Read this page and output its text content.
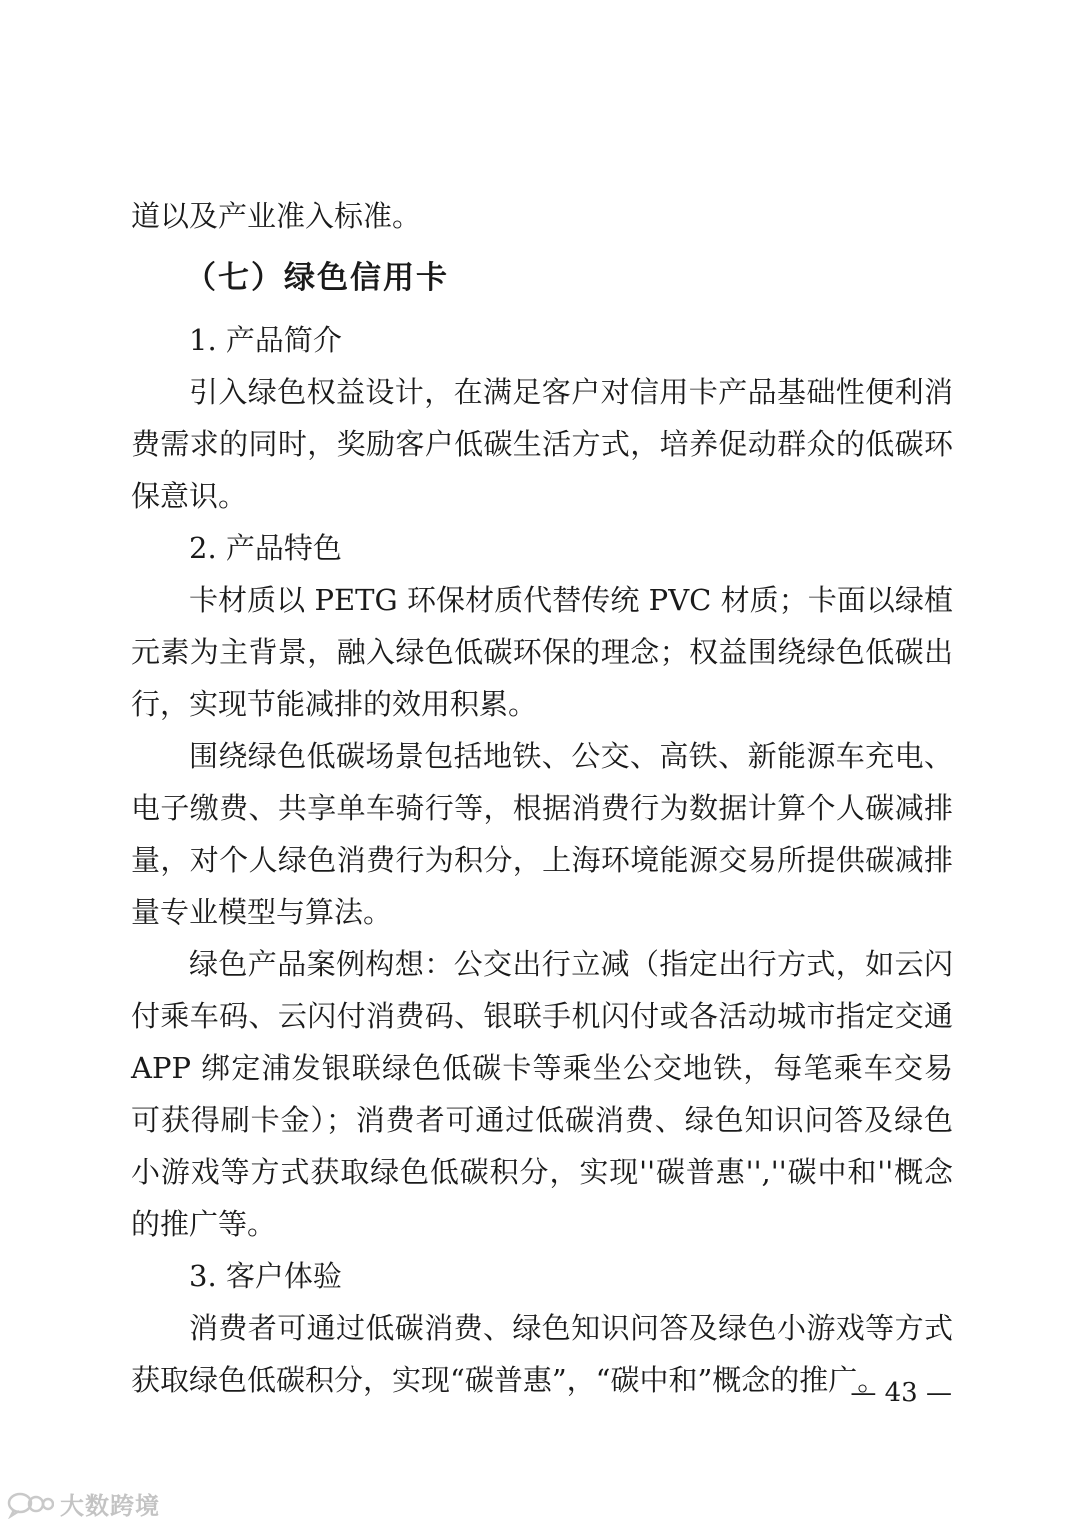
道以及产业准入标准。

（七）绿色信用卡

1. 产品简介

引入绿色权益设计，在满足客户对信用卡产品基础性便利消费需求的同时，奖励客户低碳生活方式，培养促动群众的低碳环保意识。

2. 产品特色

卡材质以 PETG 环保材质代替传统 PVC 材质；卡面以绿植元素为主背景，融入绿色低碳环保的理念；权益围绕绿色低碳出行，实现节能减排的效用积累。

围绕绿色低碳场景包括地铁、公交、高铁、新能源车充电、电子缴费、共享单车骑行等，根据消费行为数据计算个人碳减排量，对个人绿色消费行为积分，上海环境能源交易所提供碳减排量专业模型与算法。

绿色产品案例构想：公交出行立减（指定出行方式，如云闪付乘车码、云闪付消费码、银联手机闪付或各活动城市指定交通 APP 绑定浦发银联绿色低碳卡等乘坐公交地铁，每笔乘车交易可获得刷卡金）；消费者可通过低碳消费、绿色知识问答及绿色小游戏等方式获取绿色低碳积分，实现''碳普惠'',''碳中和''概念的推广等。

3. 客户体验

消费者可通过低碳消费、绿色知识问答及绿色小游戏等方式获取绿色低碳积分，实现“碳普惠”，“碳中和”概念的推广。

— 43 —
大数跨境
